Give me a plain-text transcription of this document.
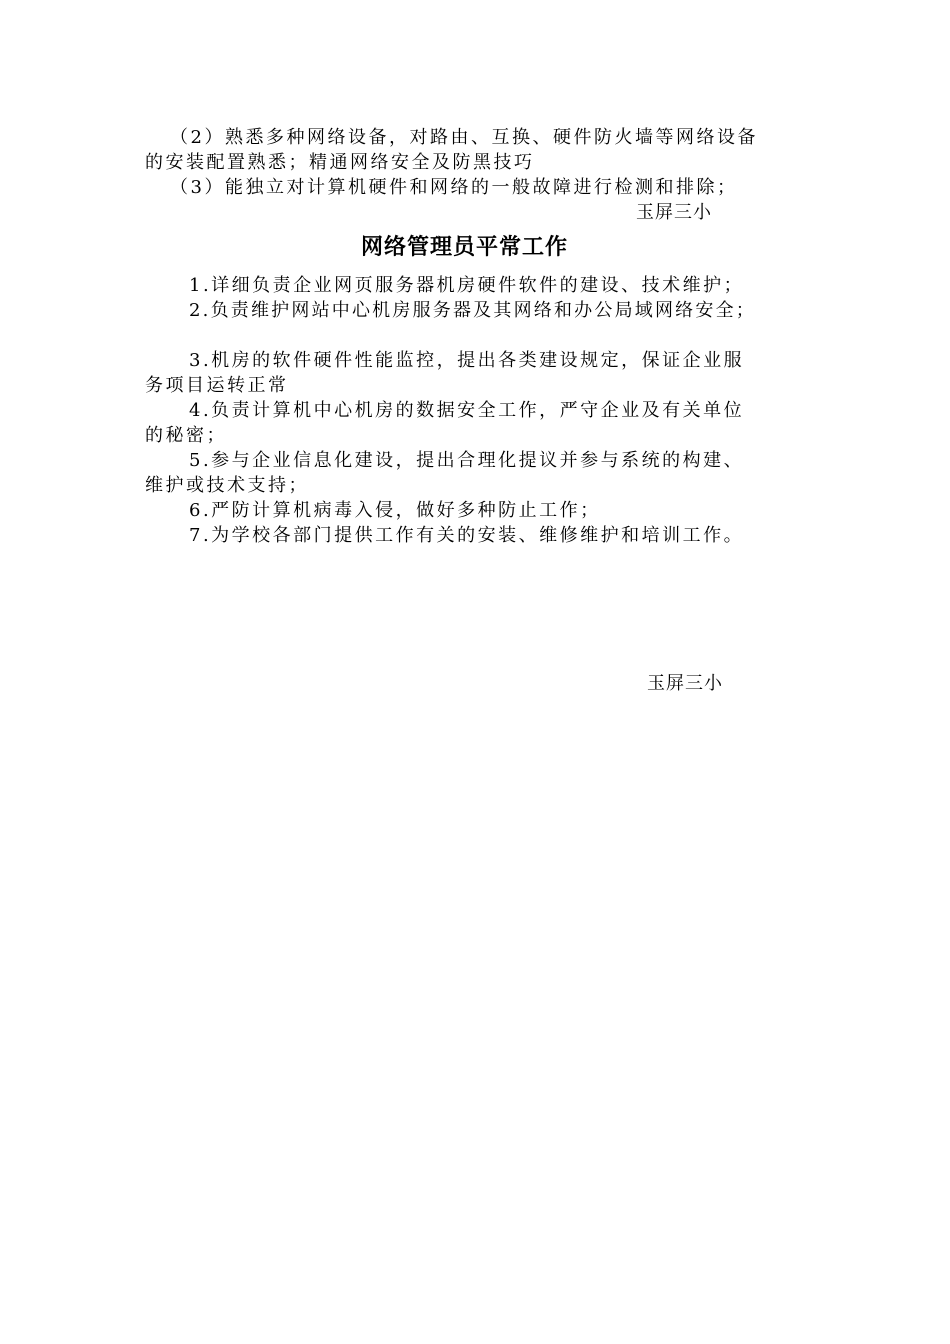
（2）熟悉多种网络设备，对路由、互换、硬件防火墙等网络设备
的安装配置熟悉；精通网络安全及防黑技巧
（3）能独立对计算机硬件和网络的一般故障进行检测和排除；
玉屏三小
网络管理员平常工作
1.详细负责企业网页服务器机房硬件软件的建设、技术维护；
2.负责维护网站中心机房服务器及其网络和办公局域网络安全；
3.机房的软件硬件性能监控，提出各类建设规定，保证企业服
务项目运转正常
4.负责计算机中心机房的数据安全工作，严守企业及有关单位
的秘密；
5.参与企业信息化建设，提出合理化提议并参与系统的构建、
维护或技术支持；
6.严防计算机病毒入侵，做好多种防止工作；
7.为学校各部门提供工作有关的安装、维修维护和培训工作。
玉屏三小
